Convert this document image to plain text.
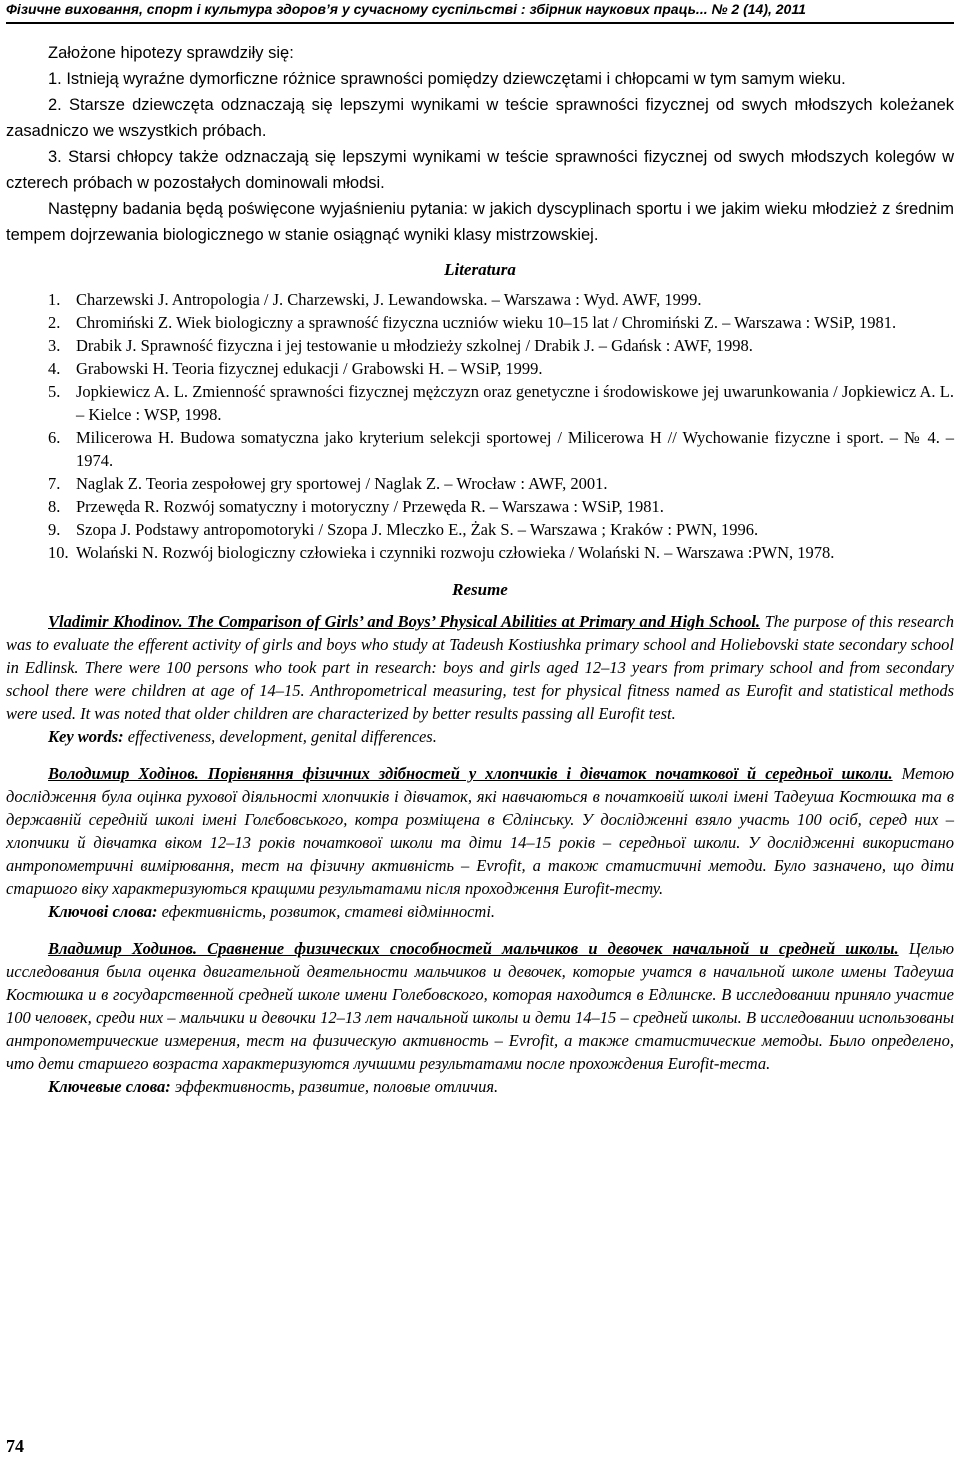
Фізичне виховання, спорт і культура здоров’я у сучасному суспільстві : збірник наукових праць... № 2 (14), 2011
Założone hipotezy sprawdziły się:
1. Istnieją wyraźne dymorficzne różnice sprawności pomiędzy dziewczętami i chłopcami w tym samym wieku.
2. Starsze dziewczęta odznaczają się lepszymi wynikami w teście sprawności fizycznej od swych młodszych koleżanek zasadniczo we wszystkich próbach.
3. Starsi chłopcy także odznaczają się lepszymi wynikami w teście sprawności fizycznej od swych młodszych kolegów w czterech próbach w pozostałych dominowali młodsi.
Następny badania będą poświęcone wyjaśnieniu pytania: w jakich dyscyplinach sportu i we jakim wieku młodzież z średnim tempem dojrzewania biologicznego w stanie osiągnąć wyniki klasy mistrzowskiej.
Literatura
1. Charzewski J. Antropologia / J. Charzewski, J. Lewandowska. – Warszawa : Wyd. AWF, 1999.
2. Chromiński Z. Wiek biologiczny a sprawność fizyczna uczniów wieku 10–15 lat / Chromiński Z. – Warszawa : WSiP, 1981.
3. Drabik J. Sprawność fizyczna i jej testowanie u młodzieży szkolnej / Drabik J. – Gdańsk : AWF, 1998.
4. Grabowski H. Teoria fizycznej edukacji / Grabowski H. – WSiP, 1999.
5. Jopkiewicz A. L. Zmienność sprawności fizycznej mężczyzn oraz genetyczne i środowiskowe jej uwarunkowania / Jopkiewicz A. L. – Kielce : WSP, 1998.
6. Milicerowa H. Budowa somatyczna jako kryterium selekcji sportowej / Milicerowa H // Wychowanie fizyczne i sport. – № 4. – 1974.
7. Naglak Z. Teoria zespołowej gry sportowej / Naglak Z. – Wrocław : AWF, 2001.
8. Przewęda R. Rozwój somatyczny i motoryczny / Przewęda R. – Warszawa : WSiP, 1981.
9. Szopa J. Podstawy antropomotoryki / Szopa J. Mleczko E., Żak S. – Warszawa ; Kraków : PWN, 1996.
10. Wolański N. Rozwój biologiczny człowieka i czynniki rozwoju człowieka / Wolański N. – Warszawa :PWN, 1978.
Resume

Vladimir Khodinov. The Comparison of Girls’ and Boys’ Physical Abilities at Primary and High School. The purpose of this research was to evaluate the efferent activity of girls and boys who study at Tadeush Kostiushka primary school and Holiebovski state secondary school in Edlinsk. There were 100 persons who took part in research: boys and girls aged 12–13 years from primary school and from secondary school there were children at age of 14–15. Anthropometrical measuring, test for physical fitness named as Eurofit and statistical methods were used. It was noted that older children are characterized by better results passing all Eurofit test.

Key words: effectiveness, development, genital differences.

Володимир Ходінов. Порівняння фізичних здібностей у хлопчиків і дівчаток початкової й середньої школи. Метою дослідження була оцінка руховоï діяльності хлопчиків і дівчаток, які навчаються в початковій школі імені Тадеуша Костюшка та в державній середній школі імені Голєбовського, котра розміщена в Єдлінську. У дослідженні взяло участь 100 осіб, серед них – хлопчики й дівчатка віком 12–13 років початковоï школи та діти 14–15 років – середньоï школи. У дослідженні використано антропометричні вимірювання, тест на фізичну активність – Evrofit, а також статистичні методи. Було зазначено, що діти старшого віку характеризуються кращими результатами після проходження Eurofit-тесту.

Ключові слова: ефективність, розвиток, статеві відмінності.

Владимир Ходинов. Сравнение физических способностей мальчиков и девочек начальной и средней школы. Целью исследования была оценка двигательной деятельности мальчиков и девочек, которые учатся в начальной школе имены Тадеуша Костюшка и в государственной средней школе имени Голебовского, которая находится в Едлинске. В исследовании приняло участие 100 человек, среди них – мальчики и девочки 12–13 лет начальной школы и дети 14–15 – средней школы. В исследовании использованы антропометрические измерения, тест на физическую активность – Evrofit, а также статистические методы. Было определено, что дети старшего возраста характеризуются лучшими результатами после прохождения Eurofit-теста.

Ключевые слова: эффективность, развитие, половые отличия.

74
